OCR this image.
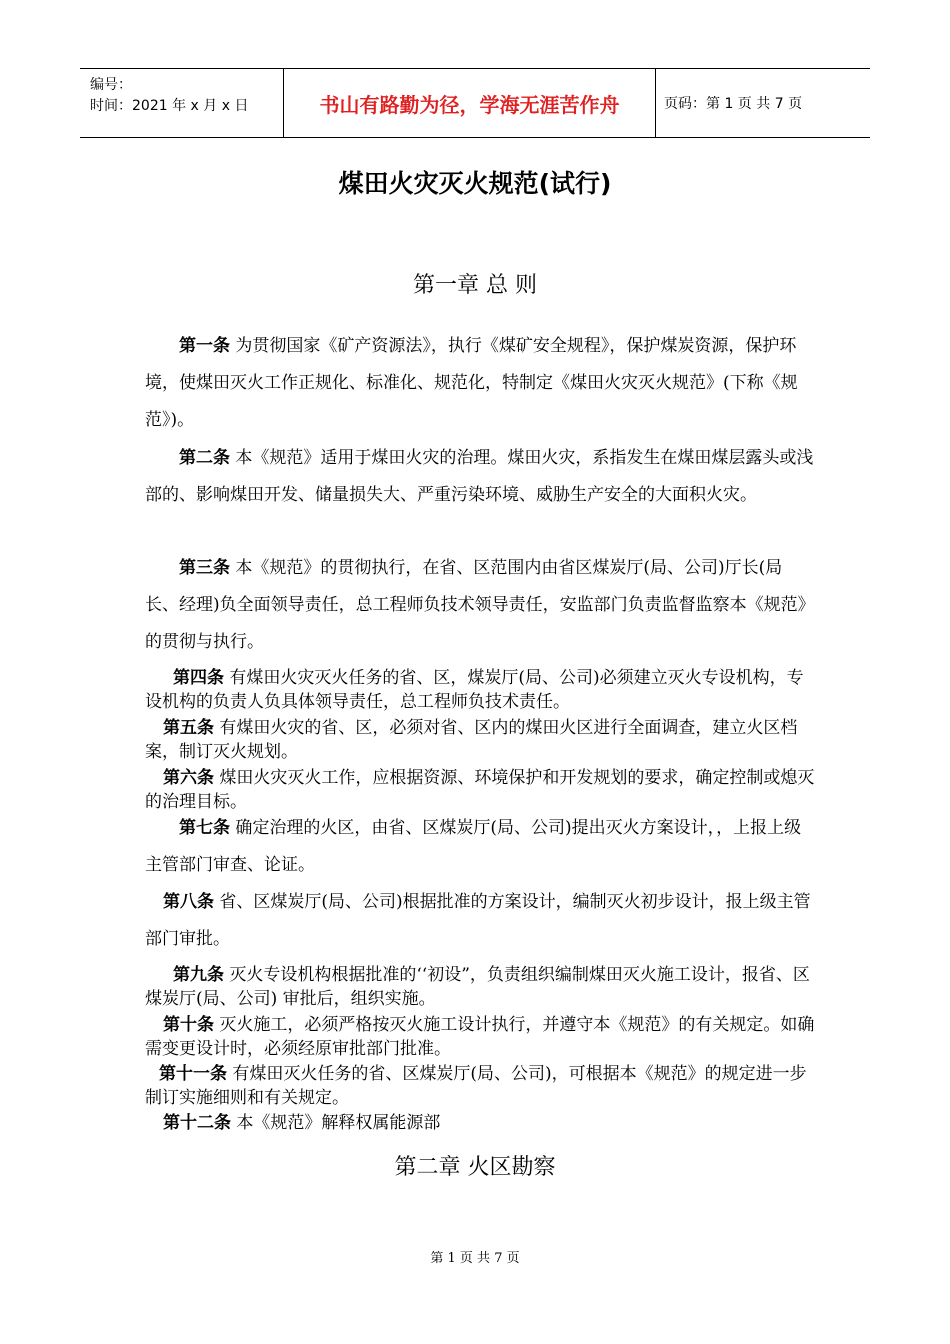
编号：
时间：2021 年 x 月 x 日	书山有路勤为径，学海无涯苦作舟	页码：第 1 页 共 7 页
煤田火灾灭火规范(试行)
第一章 总 则
第一条 为贯彻国家《矿产资源法》，执行《煤矿安全规程》，保护煤炭资源，保护环境，使煤田灭火工作正规化、标准化、规范化，特制定《煤田火灾灭火规范》(下称《规范》)。
第二条 本《规范》适用于煤田火灾的治理。煤田火灾，系指发生在煤田煤层露头或浅部的、影响煤田开发、储量损失大、严重污染环境、威胁生产安全的大面积火灾。
第三条 本《规范》的贯彻执行，在省、区范围内由省区煤炭厅(局、公司)厅长(局长、经理)负全面领导责任，总工程师负技术领导责任，安监部门负责监督监察本《规范》的贯彻与执行。
第四条 有煤田火灾灭火任务的省、区，煤炭厅(局、公司)必须建立灭火专设机构，专设机构的负责人负具体领导责任，总工程师负技术责任。
第五条 有煤田火灾的省、区，必须对省、区内的煤田火区进行全面调查，建立火区档案，制订灭火规划。
第六条 煤田火灾灭火工作，应根据资源、环境保护和开发规划的要求，确定控制或熄灭的治理目标。
第七条 确定治理的火区，由省、区煤炭厅(局、公司)提出灭火方案设计，，上报上级主管部门审查、论证。
第八条 省、区煤炭厅(局、公司)根据批准的方案设计，编制灭火初步设计，报上级主管部门审批。
第九条 灭火专设机构根据批准的‘‘初设”，负责组织编制煤田灭火施工设计，报省、区煤炭厅(局、公司) 审批后，组织实施。
第十条 灭火施工，必须严格按灭火施工设计执行，并遵守本《规范》的有关规定。如确需变更设计时，必须经原审批部门批准。
第十一条 有煤田灭火任务的省、区煤炭厅(局、公司)，可根据本《规范》的规定进一步制订实施细则和有关规定。
第十二条 本《规范》解释权属能源部
第二章 火区勘察
第 1 页 共 7 页
